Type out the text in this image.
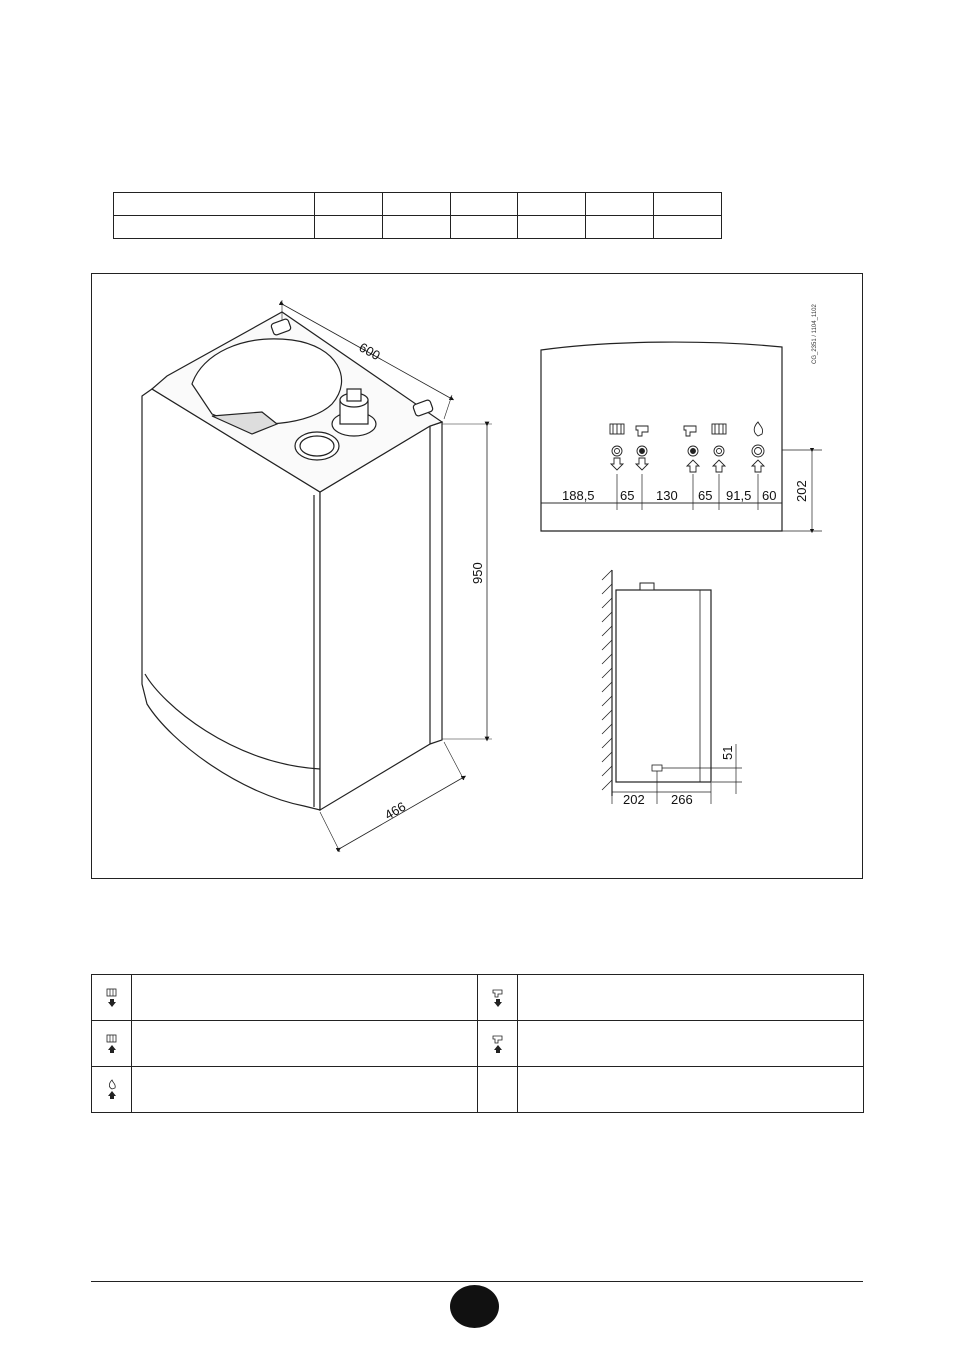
600
950
466
CG_2351 / 1104_1102
188,5 65 130 65 91,5 60 202
202 266
51
